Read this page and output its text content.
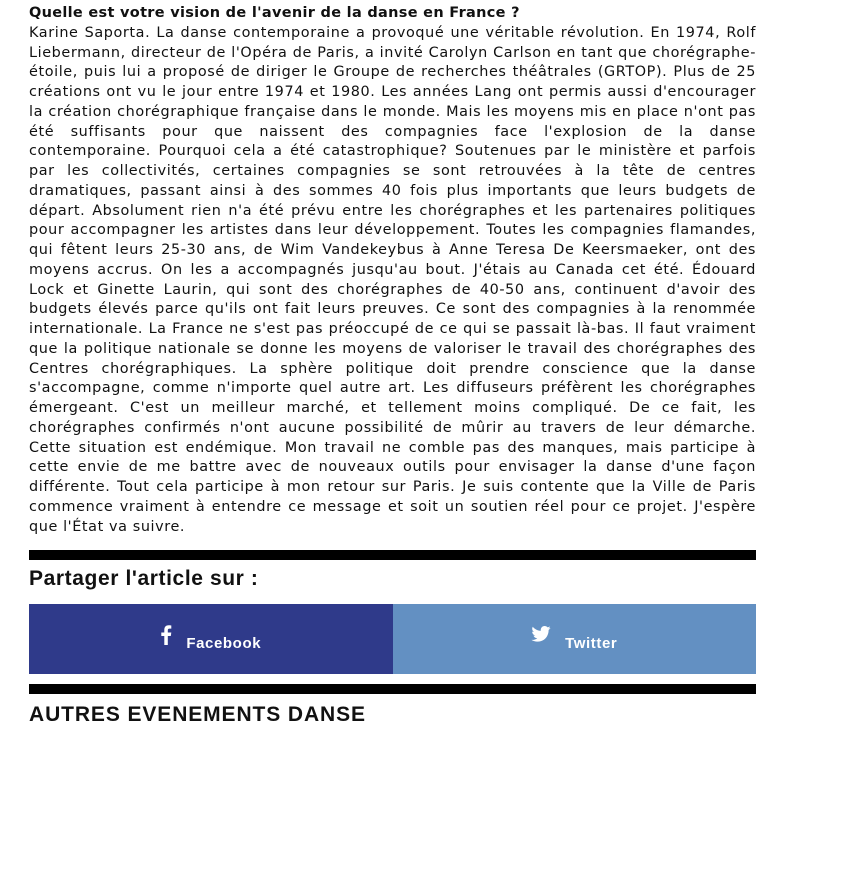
Quelle est votre vision de l'avenir de la danse en France ?

Karine Saporta. La danse contemporaine a provoqué une véritable révolution. En 1974, Rolf Liebermann, directeur de l'Opéra de Paris, a invité Carolyn Carlson en tant que chorégraphe-étoile, puis lui a proposé de diriger le Groupe de recherches théâtrales (GRTOP). Plus de 25 créations ont vu le jour entre 1974 et 1980. Les années Lang ont permis aussi d'encourager la création chorégraphique française dans le monde. Mais les moyens mis en place n'ont pas été suffisants pour que naissent des compagnies face l'explosion de la danse contemporaine. Pourquoi cela a été catastrophique? Soutenues par le ministère et parfois par les collectivités, certaines compagnies se sont retrouvées à la tête de centres dramatiques, passant ainsi à des sommes 40 fois plus importants que leurs budgets de départ. Absolument rien n'a été prévu entre les chorégraphes et les partenaires politiques pour accompagner les artistes dans leur développement. Toutes les compagnies flamandes, qui fêtent leurs 25-30 ans, de Wim Vandekeybus à Anne Teresa De Keersmaeker, ont des moyens accrus. On les a accompagnés jusqu'au bout. J'étais au Canada cet été. Édouard Lock et Ginette Laurin, qui sont des chorégraphes de 40-50 ans, continuent d'avoir des budgets élevés parce qu'ils ont fait leurs preuves. Ce sont des compagnies à la renommée internationale. La France ne s'est pas préoccupé de ce qui se passait là-bas. Il faut vraiment que la politique nationale se donne les moyens de valoriser le travail des chorégraphes des Centres chorégraphiques. La sphère politique doit prendre conscience que la danse s'accompagne, comme n'importe quel autre art. Les diffuseurs préfèrent les chorégraphes émergeant. C'est un meilleur marché, et tellement moins compliqué. De ce fait, les chorégraphes confirmés n'ont aucune possibilité de mûrir au travers de leur démarche. Cette situation est endémique. Mon travail ne comble pas des manques, mais participe à cette envie de me battre avec de nouveaux outils pour envisager la danse d'une façon différente. Tout cela participe à mon retour sur Paris. Je suis contente que la Ville de Paris commence vraiment à entendre ce message et soit un soutien réel pour ce projet. J'espère que l'État va suivre.

Partager l'article sur :
Facebook	Twitter
AUTRES EVENEMENTS DANSE
